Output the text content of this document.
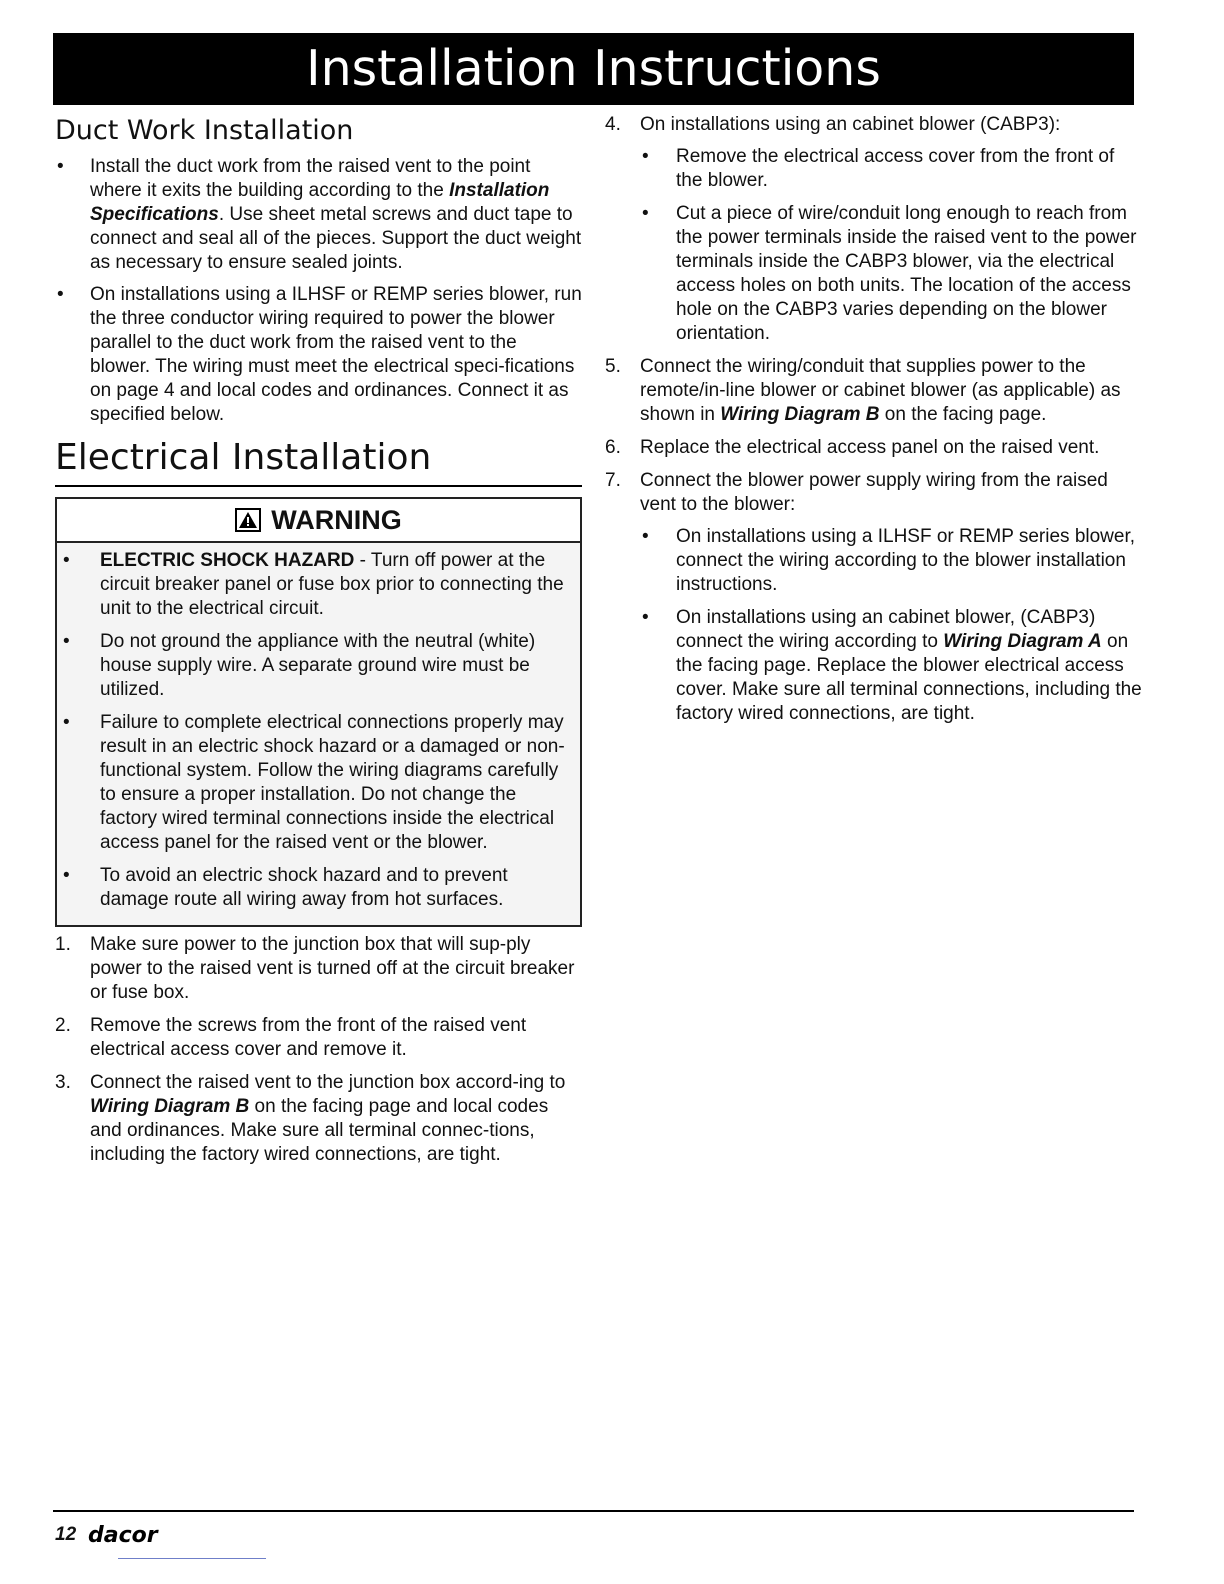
Installation Instructions
Duct Work Installation
• Install the duct work from the raised vent to the point where it exits the building according to the Installation Specifications. Use sheet metal screws and duct tape to connect and seal all of the pieces. Support the duct weight as necessary to ensure sealed joints.
• On installations using a ILHSF or REMP series blower, run the three conductor wiring required to power the blower parallel to the duct work from the raised vent to the blower. The wiring must meet the electrical speci-fications on page 4 and local codes and ordinances. Connect it as specified below.
Electrical Installation
WARNING
• ELECTRIC SHOCK HAZARD - Turn off power at the circuit breaker panel or fuse box prior to connecting the unit to the electrical circuit.
• Do not ground the appliance with the neutral (white) house supply wire. A separate ground wire must be utilized.
• Failure to complete electrical connections properly may result in an electric shock hazard or a damaged or non-functional system. Follow the wiring diagrams carefully to ensure a proper installation. Do not change the factory wired terminal connections inside the electrical access panel for the raised vent or the blower.
• To avoid an electric shock hazard and to prevent damage route all wiring away from hot surfaces.
1. Make sure power to the junction box that will sup-ply power to the raised vent is turned off at the circuit breaker or fuse box.
2. Remove the screws from the front of the raised vent electrical access cover and remove it.
3. Connect the raised vent to the junction box accord-ing to Wiring Diagram B on the facing page and local codes and ordinances. Make sure all terminal connec-tions, including the factory wired connections, are tight.
4. On installations using an cabinet blower (CABP3):
• Remove the electrical access cover from the front of the blower.
• Cut a piece of wire/conduit long enough to reach from the power terminals inside the raised vent to the power terminals inside the CABP3 blower, via the electrical access holes on both units. The location of the access hole on the CABP3 varies depending on the blower orientation.
5. Connect the wiring/conduit that supplies power to the remote/in-line blower or cabinet blower (as applicable) as shown in Wiring Diagram B on the facing page.
6. Replace the electrical access panel on the raised vent.
7. Connect the blower power supply wiring from the raised vent to the blower:
• On installations using a ILHSF or REMP series blower, connect the wiring according to the blower installation instructions.
• On installations using an cabinet blower, (CABP3) connect the wiring according to Wiring Diagram A on the facing page. Replace the blower electrical access cover. Make sure all terminal connections, including the factory wired connections, are tight.
12 dacor
